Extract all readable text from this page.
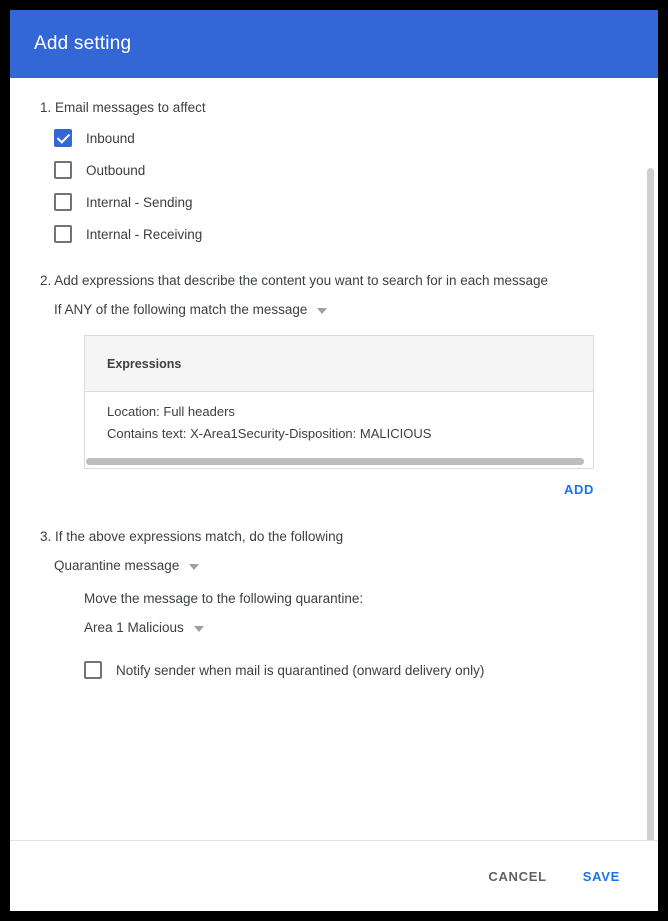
Add setting
1. Email messages to affect
Inbound
Outbound
Internal - Sending
Internal - Receiving
2. Add expressions that describe the content you want to search for in each message
If ANY of the following match the message
Expressions
Location: Full headers
Contains text: X-Area1Security-Disposition: MALICIOUS
ADD
3. If the above expressions match, do the following
Quarantine message
Move the message to the following quarantine:
Area 1 Malicious
Notify sender when mail is quarantined (onward delivery only)
CANCEL	SAVE
